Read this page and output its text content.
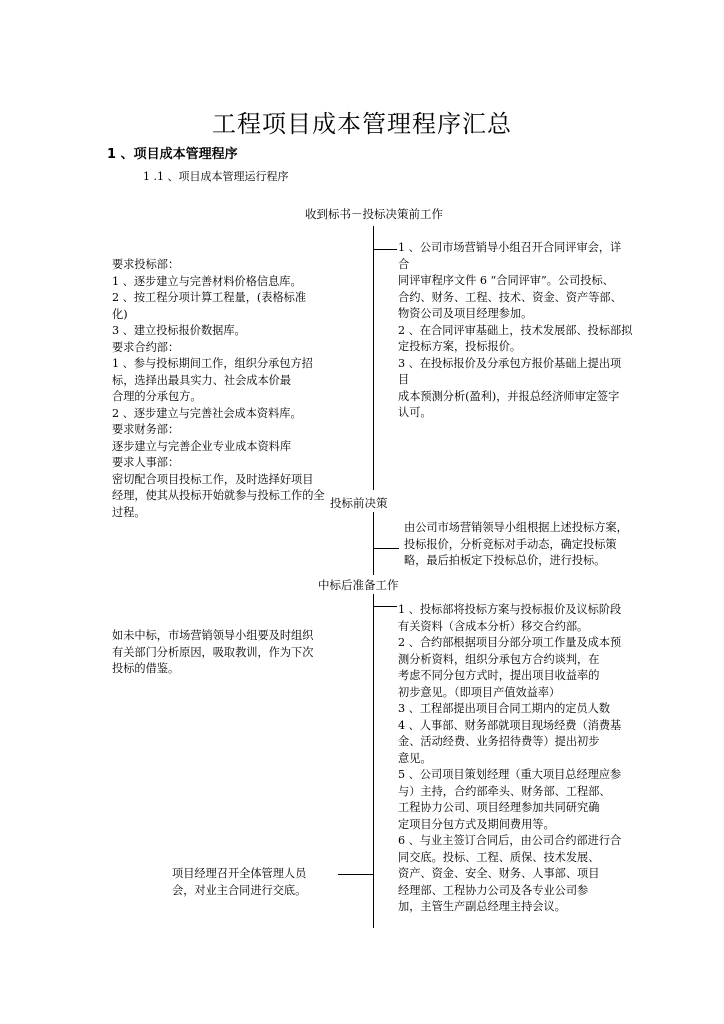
工程项目成本管理程序汇总
1 、项目成本管理程序
1 .1 、项目成本管理运行程序
收到标书－投标决策前工作
投标前决策
中标后准备工作
要求投标部：
1 、逐步建立与完善材料价格信息库。
2 、按工程分项计算工程量，(表格标准
化)
3 、建立投标报价数据库。
要求合约部：
1 、参与投标期间工作，组织分承包方招
标，选择出最具实力、社会成本价最
合理的分承包方。
2 、逐步建立与完善社会成本资料库。
要求财务部：
逐步建立与完善企业专业成本资料库
要求人事部：
密切配合项目投标工作，及时选择好项目
经理，使其从投标开始就参与投标工作的全
过程。
1 、公司市场营销导小组召开合同评审会，详
合
同评审程序文件 6 “合同评审”。公司投标、
合约、财务、工程、技术、资金、资产等部、
物资公司及项目经理参加。
2 、在合同评审基础上，技术发展部、投标部拟
定投标方案，投标报价。
3 、在投标报价及分承包方报价基础上提出项
目
成本预测分析(盈利)，并报总经济师审定签字
认可。
由公司市场营销领导小组根据上述投标方案，
投标报价，分析竞标对手动态，确定投标策
略，最后拍板定下投标总价，进行投标。
如未中标，市场营销领导小组要及时组织
有关部门分析原因，吸取教训，作为下次
投标的借鉴。
1 、投标部将投标方案与投标报价及议标阶段
有关资料（含成本分析）移交合约部。
2 、合约部根据项目分部分项工作量及成本预
测分析资料，组织分承包方合约谈判，在
考虑不同分包方式时，提出项目收益率的
初步意见。（即项目产值效益率）
3 、工程部提出项目合同工期内的定员人数
4 、人事部、财务部就项目现场经费（消费基
金、活动经费、业务招待费等）提出初步
意见。
5 、公司项目策划经理（重大项目总经理应参
与）主持，合约部牵头、财务部、工程部、
工程协力公司、项目经理参加共同研究确
定项目分包方式及期间费用等。
6 、与业主签订合同后，由公司合约部进行合
同交底。投标、工程、质保、技术发展、
资产、资金、安全、财务、人事部、项目
经理部、工程协力公司及各专业公司参
加，主管生产副总经理主持会议。
项目经理召开全体管理人员
会，对业主合同进行交底。
